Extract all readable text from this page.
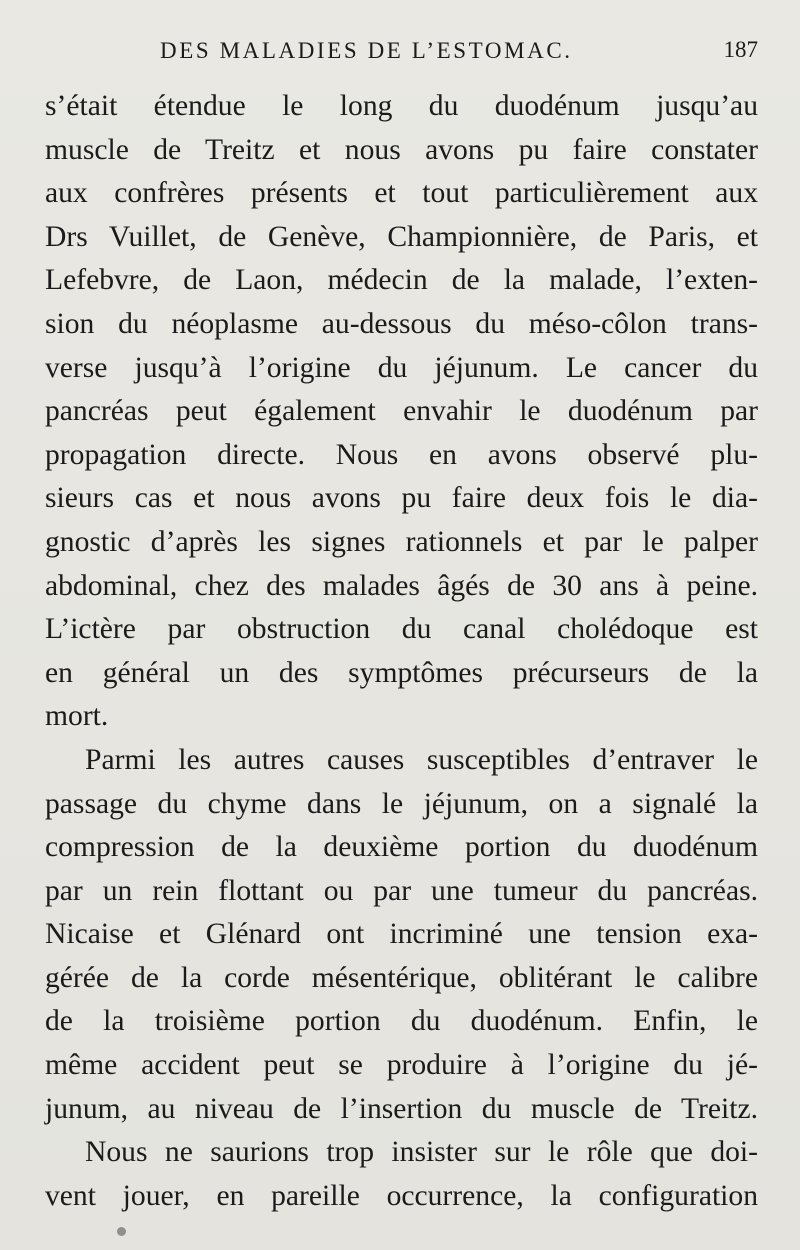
DES MALADIES DE L’ESTOMAC.	187
s’était étendue le long du duodénum jusqu’au
muscle de Treitz et nous avons pu faire constater
aux confrères présents et tout particulièrement aux
Drs Vuillet, de Genève, Championnière, de Paris, et
Lefebvre, de Laon, médecin de la malade, l’exten-
sion du néoplasme au-dessous du méso-côlon trans-
verse jusqu’à l’origine du jéjunum. Le cancer du
pancréas peut également envahir le duodénum par
propagation directe. Nous en avons observé plu-
sieurs cas et nous avons pu faire deux fois le dia-
gnostic d’après les signes rationnels et par le palper
abdominal, chez des malades âgés de 30 ans à peine.
L’ictère par obstruction du canal cholédoque est
en général un des symptômes précurseurs de la
mort.
Parmi les autres causes susceptibles d’entraver le
passage du chyme dans le jéjunum, on a signalé la
compression de la deuxième portion du duodénum
par un rein flottant ou par une tumeur du pancréas.
Nicaise et Glénard ont incriminé une tension exa-
gérée de la corde mésentérique, oblitérant le calibre
de la troisième portion du duodénum. Enfin, le
même accident peut se produire à l’origine du jé-
junum, au niveau de l’insertion du muscle de Treitz.
Nous ne saurions trop insister sur le rôle que doi-
vent jouer, en pareille occurrence, la configuration
